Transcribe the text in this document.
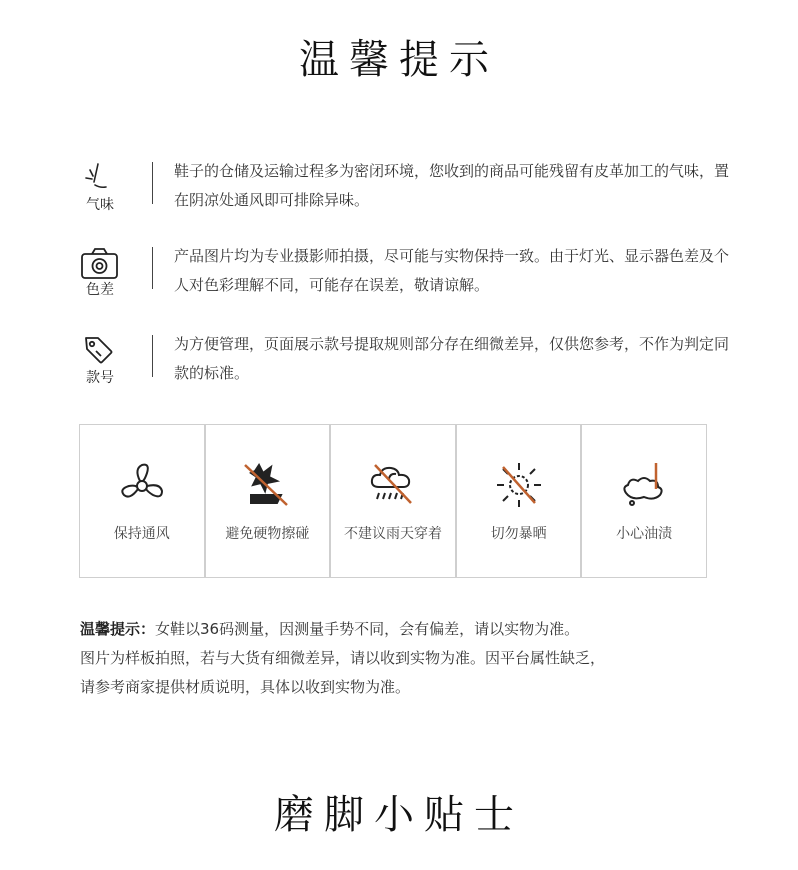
温馨提示
气味
鞋子的仓储及运输过程多为密闭环境，您收到的商品可能残留有皮革加工的气味，置在阴凉处通风即可排除异味。
色差
产品图片均为专业摄影师拍摄，尽可能与实物保持一致。由于灯光、显示器色差及个人对色彩理解不同，可能存在误差，敬请谅解。
款号
为方便管理，页面展示款号提取规则部分存在细微差异，仅供您参考，不作为判定同款的标准。
保持通风	避免硬物擦碰	不建议雨天穿着	切勿暴晒	小心油渍
温馨提示：女鞋以36码测量，因测量手势不同，会有偏差，请以实物为准。
图片为样板拍照，若与大货有细微差异，请以收到实物为准。因平台属性缺乏，
请参考商家提供材质说明，具体以收到实物为准。
磨脚小贴士
